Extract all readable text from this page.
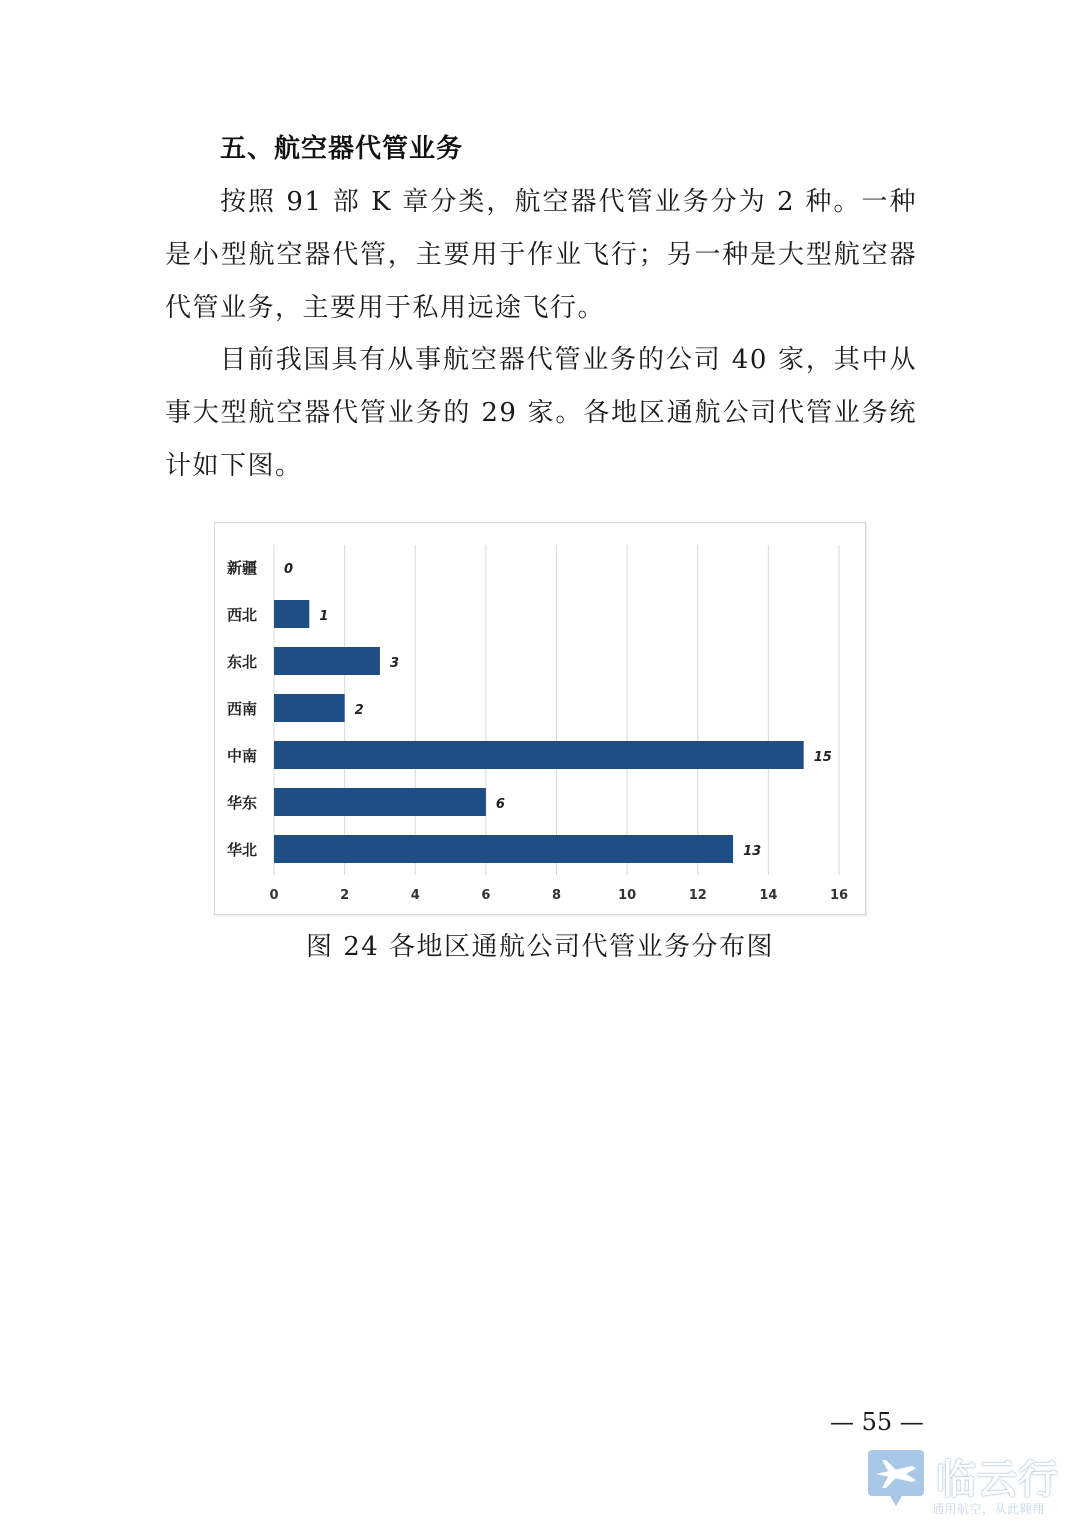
五、航空器代管业务
按照 91 部 K 章分类，航空器代管业务分为 2 种。一种是小型航空器代管，主要用于作业飞行；另一种是大型航空器代管业务，主要用于私用远途飞行。
目前我国具有从事航空器代管业务的公司 40 家，其中从事大型航空器代管业务的 29 家。各地区通航公司代管业务统计如下图。
0	2	4	6	8	10	12	14	16
新疆 0
西北	1
东北	3
西南	2
中南	15
华东	6
华北	13
图 24 各地区通航公司代管业务分布图
— 55 —
临云行
通用航空，从此翱翔
